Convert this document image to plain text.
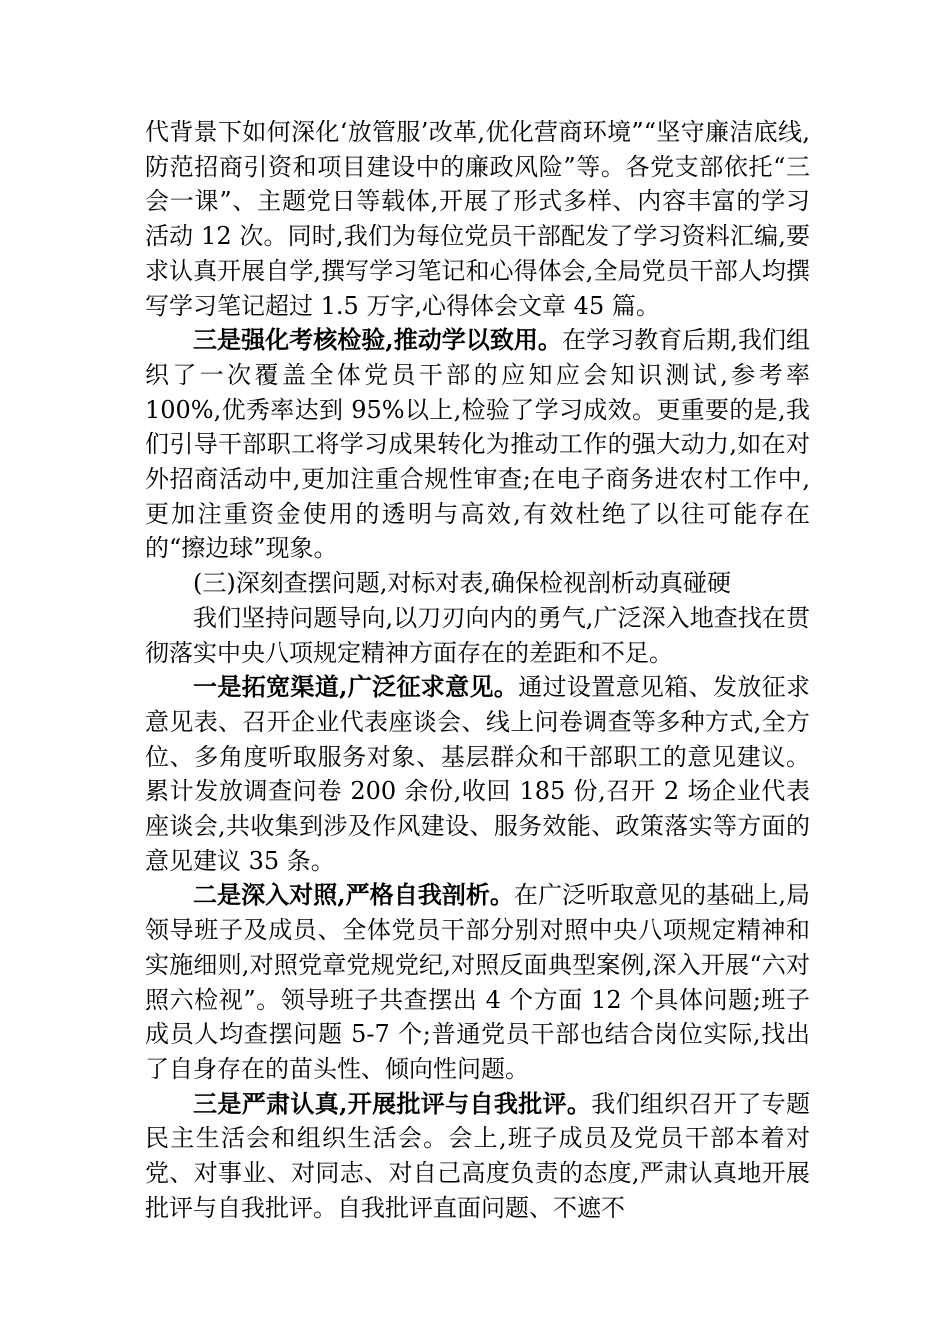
代背景下如何深化‘放管服’改革,优化营商环境”“坚守廉洁底线,防范招商引资和项目建设中的廉政风险”等。各党支部依托“三会一课”、主题党日等载体,开展了形式多样、内容丰富的学习活动 12 次。同时,我们为每位党员干部配发了学习资料汇编,要求认真开展自学,撰写学习笔记和心得体会,全局党员干部人均撰写学习笔记超过 1.5 万字,心得体会文章 45 篇。

三是强化考核检验,推动学以致用。在学习教育后期,我们组织了一次覆盖全体党员干部的应知应会知识测试,参考率 100%,优秀率达到 95%以上,检验了学习成效。更重要的是,我们引导干部职工将学习成果转化为推动工作的强大动力,如在对外招商活动中,更加注重合规性审查;在电子商务进农村工作中,更加注重资金使用的透明与高效,有效杜绝了以往可能存在的“擦边球”现象。

(三)深刻查摆问题,对标对表,确保检视剖析动真碰硬

我们坚持问题导向,以刀刃向内的勇气,广泛深入地查找在贯彻落实中央八项规定精神方面存在的差距和不足。

一是拓宽渠道,广泛征求意见。通过设置意见箱、发放征求意见表、召开企业代表座谈会、线上问卷调查等多种方式,全方位、多角度听取服务对象、基层群众和干部职工的意见建议。累计发放调查问卷 200 余份,收回 185 份,召开 2 场企业代表座谈会,共收集到涉及作风建设、服务效能、政策落实等方面的意见建议 35 条。

二是深入对照,严格自我剖析。在广泛听取意见的基础上,局领导班子及成员、全体党员干部分别对照中央八项规定精神和实施细则,对照党章党规党纪,对照反面典型案例,深入开展“六对照六检视”。领导班子共查摆出 4 个方面 12 个具体问题;班子成员人均查摆问题 5-7 个;普通党员干部也结合岗位实际,找出了自身存在的苗头性、倾向性问题。

三是严肃认真,开展批评与自我批评。我们组织召开了专题民主生活会和组织生活会。会上,班子成员及党员干部本着对党、对事业、对同志、对自己高度负责的态度,严肃认真地开展批评与自我批评。自我批评直面问题、不遮不
